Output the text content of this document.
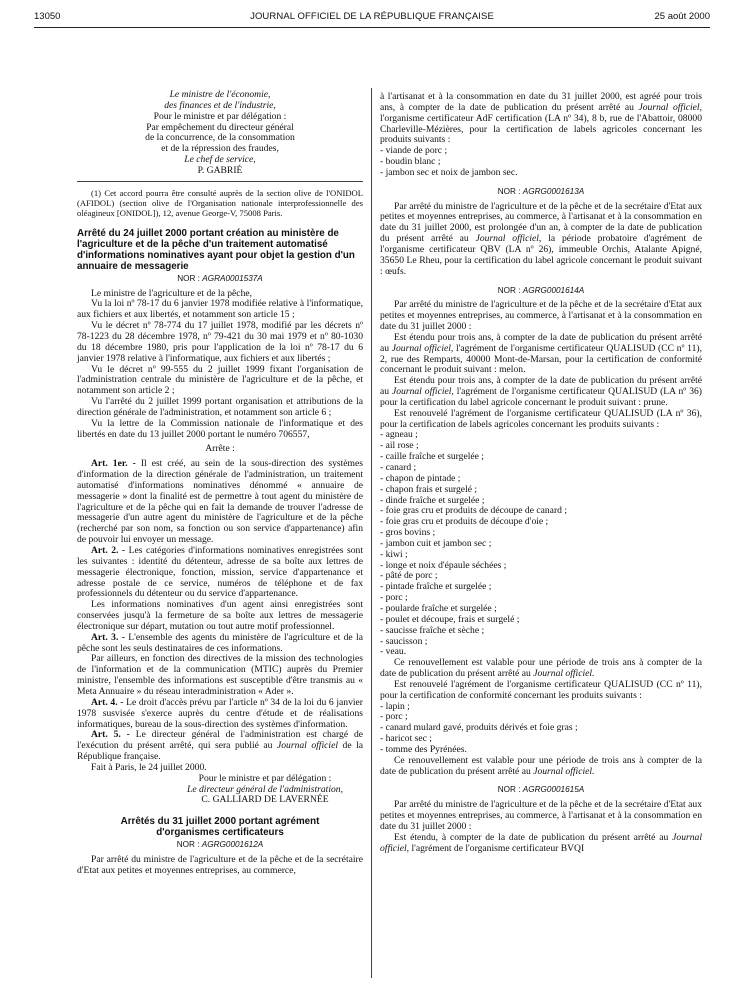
13050	JOURNAL OFFICIEL DE LA RÉPUBLIQUE FRANÇAISE	25 août 2000

Le ministre de l'économie,

des finances et de l'industrie,

Pour le ministre et par délégation :

Par empêchement du directeur général

de la concurrence, de la consommation

et de la répression des fraudes,

Le chef de service,

P. GABRIÉ

(1) Cet accord pourra être consulté auprès de la section olive de l'ONIDOL (AFIDOL) (section olive de l'Organisation nationale interprofessionnelle des oléagineux [ONIDOL]), 12, avenue George-V, 75008 Paris.

Arrêté du 24 juillet 2000 portant création au ministère de l'agriculture et de la pêche d'un traitement automatisé d'informations nominatives ayant pour objet la gestion d'un annuaire de messagerie

NOR : AGRA0001537A

Le ministre de l'agriculture et de la pêche,

Vu la loi nº 78-17 du 6 janvier 1978 modifiée relative à l'informatique, aux fichiers et aux libertés, et notamment son article 15 ;

Vu le décret nº 78-774 du 17 juillet 1978, modifié par les décrets nº 78-1223 du 28 décembre 1978, nº 79-421 du 30 mai 1979 et nº 80-1030 du 18 décembre 1980, pris pour l'application de la loi nº 78-17 du 6 janvier 1978 relative à l'informatique, aux fichiers et aux libertés ;

Vu le décret nº 99-555 du 2 juillet 1999 fixant l'organisation de l'administration centrale du ministère de l'agriculture et de la pêche, et notamment son article 2 ;

Vu l'arrêté du 2 juillet 1999 portant organisation et attributions de la direction générale de l'administration, et notamment son article 6 ;

Vu la lettre de la Commission nationale de l'informatique et des libertés en date du 13 juillet 2000 portant le numéro 706557,

Arrête :

Art. 1er. - Il est créé, au sein de la sous-direction des systèmes d'information de la direction générale de l'administration, un traitement automatisé d'informations nominatives dénommé « annuaire de messagerie » dont la finalité est de permettre à tout agent du ministère de l'agriculture et de la pêche qui en fait la demande de trouver l'adresse de messagerie d'un autre agent du ministère de l'agriculture et de la pêche (recherché par son nom, sa fonction ou son service d'appartenance) afin de pouvoir lui envoyer un message.

Art. 2. - Les catégories d'informations nominatives enregistrées sont les suivantes : identité du détenteur, adresse de sa boîte aux lettres de messagerie électronique, fonction, mission, service d'appartenance et adresse postale de ce service, numéros de téléphone et de fax professionnels du détenteur ou du service d'appartenance.

Les informations nominatives d'un agent ainsi enregistrées sont conservées jusqu'à la fermeture de sa boîte aux lettres de messagerie électronique sur départ, mutation ou tout autre motif professionnel.

Art. 3. - L'ensemble des agents du ministère de l'agriculture et de la pêche sont les seuls destinataires de ces informations.

Par ailleurs, en fonction des directives de la mission des technologies de l'information et de la communication (MTIC) auprès du Premier ministre, l'ensemble des informations est susceptible d'être transmis au « Meta Annuaire » du réseau interadministration « Ader ».

Art. 4. - Le droit d'accès prévu par l'article nº 34 de la loi du 6 janvier 1978 susvisée s'exerce auprès du centre d'étude et de réalisations informatiques, bureau de la sous-direction des systèmes d'information.

Art. 5. - Le directeur général de l'administration est chargé de l'exécution du présent arrêté, qui sera publié au Journal officiel de la République française.

Fait à Paris, le 24 juillet 2000.

Pour le ministre et par délégation :

Le directeur général de l'administration,

C. GALLIARD DE LAVERNÉE

Arrêtés du 31 juillet 2000 portant agrément d'organismes certificateurs

NOR : AGRG0001612A

Par arrêté du ministre de l'agriculture et de la pêche et de la secrétaire d'Etat aux petites et moyennes entreprises, au commerce,

à l'artisanat et à la consommation en date du 31 juillet 2000, est agréé pour trois ans, à compter de la date de publication du présent arrêté au Journal officiel, l'organisme certificateur AdF certification (LA nº 34), 8 b, rue de l'Abattoir, 08000 Charleville-Mézières, pour la certification de labels agricoles concernant les produits suivants :

- viande de porc ;
- boudin blanc ;
- jambon sec et noix de jambon sec.

NOR : AGRG0001613A

Par arrêté du ministre de l'agriculture et de la pêche et de la secrétaire d'Etat aux petites et moyennes entreprises, au commerce, à l'artisanat et à la consommation en date du 31 juillet 2000, est prolongée d'un an, à compter de la date de publication du présent arrêté au Journal officiel, la période probatoire d'agrément de l'organisme certificateur QBV (LA nº 26), immeuble Orchis, Atalante Apigné, 35650 Le Rheu, pour la certification du label agricole concernant le produit suivant : œufs.

NOR : AGRG0001614A

Par arrêté du ministre de l'agriculture et de la pêche et de la secrétaire d'Etat aux petites et moyennes entreprises, au commerce, à l'artisanat et à la consommation en date du 31 juillet 2000 :

Est étendu pour trois ans, à compter de la date de publication du présent arrêté au Journal officiel, l'agrément de l'organisme certificateur QUALISUD (CC nº 11), 2, rue des Remparts, 40000 Mont-de-Marsan, pour la certification de conformité concernant le produit suivant : melon.

Est étendu pour trois ans, à compter de la date de publication du présent arrêté au Journal officiel, l'agrément de l'organisme certificateur QUALISUD (LA nº 36) pour la certification du label agricole concernant le produit suivant : prune.

Est renouvelé l'agrément de l'organisme certificateur QUALISUD (LA nº 36), pour la certification de labels agricoles concernant les produits suivants :

- agneau ;
- ail rose ;
- caille fraîche et surgelée ;
- canard ;
- chapon de pintade ;
- chapon frais et surgelé ;
- dinde fraîche et surgelée ;
- foie gras cru et produits de découpe de canard ;
- foie gras cru et produits de découpe d'oie ;
- gros bovins ;
- jambon cuit et jambon sec ;
- kiwi ;
- longe et noix d'épaule séchées ;
- pâté de porc ;
- pintade fraîche et surgelée ;
- porc ;
- poularde fraîche et surgelée ;
- poulet et découpe, frais et surgelé ;
- saucisse fraîche et sèche ;
- saucisson ;
- veau.

Ce renouvellement est valable pour une période de trois ans à compter de la date de publication du présent arrêté au Journal officiel.

Est renouvelé l'agrément de l'organisme certificateur QUALISUD (CC nº 11), pour la certification de conformité concernant les produits suivants :

- lapin ;
- porc ;
- canard mulard gavé, produits dérivés et foie gras ;
- haricot sec ;
- tomme des Pyrénées.

Ce renouvellement est valable pour une période de trois ans à compter de la date de publication du présent arrêté au Journal officiel.

NOR : AGRG0001615A

Par arrêté du ministre de l'agriculture et de la pêche et de la secrétaire d'Etat aux petites et moyennes entreprises, au commerce, à l'artisanat et à la consommation en date du 31 juillet 2000 :

Est étendu, à compter de la date de publication du présent arrêté au Journal officiel, l'agrément de l'organisme certificateur BVQI
